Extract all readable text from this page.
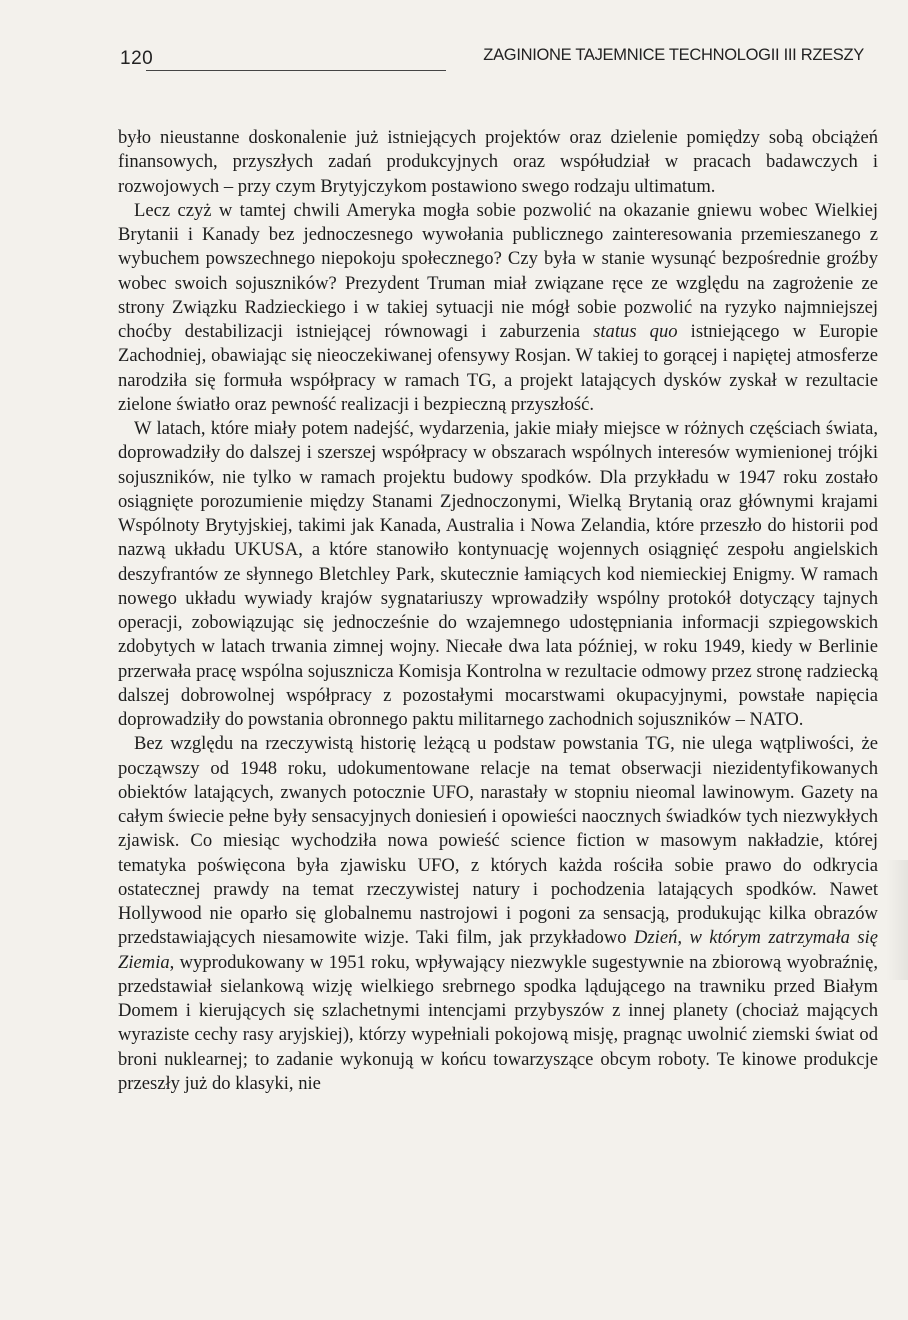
120	ZAGINIONE TAJEMNICE TECHNOLOGII III RZESZY

było nieustanne doskonalenie już istniejących projektów oraz dzielenie pomiędzy sobą obciążeń finansowych, przyszłych zadań produkcyjnych oraz współudział w pracach badawczych i rozwojowych – przy czym Brytyjczykom postawiono swego rodzaju ultimatum.

Lecz czyż w tamtej chwili Ameryka mogła sobie pozwolić na okazanie gniewu wobec Wielkiej Brytanii i Kanady bez jednoczesnego wywołania publicznego zainteresowania przemieszanego z wybuchem powszechnego niepokoju społecznego? Czy była w stanie wysunąć bezpośrednie groźby wobec swoich sojuszników? Prezydent Truman miał związane ręce ze względu na zagrożenie ze strony Związku Radzieckiego i w takiej sytuacji nie mógł sobie pozwolić na ryzyko najmniejszej choćby destabilizacji istniejącej równowagi i zaburzenia status quo istniejącego w Europie Zachodniej, obawiając się nieoczekiwanej ofensywy Rosjan. W takiej to gorącej i napiętej atmosferze narodziła się formuła współpracy w ramach TG, a projekt latających dysków zyskał w rezultacie zielone światło oraz pewność realizacji i bezpieczną przyszłość.

W latach, które miały potem nadejść, wydarzenia, jakie miały miejsce w różnych częściach świata, doprowadziły do dalszej i szerszej współpracy w obszarach wspólnych interesów wymienionej trójki sojuszników, nie tylko w ramach projektu budowy spodków. Dla przykładu w 1947 roku zostało osiągnięte porozumienie między Stanami Zjednoczonymi, Wielką Brytanią oraz głównymi krajami Wspólnoty Brytyjskiej, takimi jak Kanada, Australia i Nowa Zelandia, które przeszło do historii pod nazwą układu UKUSA, a które stanowiło kontynuację wojennych osiągnięć zespołu angielskich deszyfrantów ze słynnego Bletchley Park, skutecznie łamiących kod niemieckiej Enigmy. W ramach nowego układu wywiady krajów sygnatariuszy wprowadziły wspólny protokół dotyczący tajnych operacji, zobowiązując się jednocześnie do wzajemnego udostępniania informacji szpiegowskich zdobytych w latach trwania zimnej wojny. Niecałe dwa lata później, w roku 1949, kiedy w Berlinie przerwała pracę wspólna sojusznicza Komisja Kontrolna w rezultacie odmowy przez stronę radziecką dalszej dobrowolnej współpracy z pozostałymi mocarstwami okupacyjnymi, powstałe napięcia doprowadziły do powstania obronnego paktu militarnego zachodnich sojuszników – NATO.

Bez względu na rzeczywistą historię leżącą u podstaw powstania TG, nie ulega wątpliwości, że począwszy od 1948 roku, udokumentowane relacje na temat obserwacji niezidentyfikowanych obiektów latających, zwanych potocznie UFO, narastały w stopniu nieomal lawinowym. Gazety na całym świecie pełne były sensacyjnych doniesień i opowieści naocznych świadków tych niezwykłych zjawisk. Co miesiąc wychodziła nowa powieść science fiction w masowym nakładzie, której tematyka poświęcona była zjawisku UFO, z których każda rościła sobie prawo do odkrycia ostatecznej prawdy na temat rzeczywistej natury i pochodzenia latających spodków. Nawet Hollywood nie oparło się globalnemu nastrojowi i pogoni za sensacją, produkując kilka obrazów przedstawiających niesamowite wizje. Taki film, jak przykładowo Dzień, w którym zatrzymała się Ziemia, wyprodukowany w 1951 roku, wpływający niezwykle sugestywnie na zbiorową wyobraźnię, przedstawiał sielankową wizję wielkiego srebrnego spodka lądującego na trawniku przed Białym Domem i kierujących się szlachetnymi intencjami przybyszów z innej planety (chociaż mających wyraziste cechy rasy aryjskiej), którzy wypełniali pokojową misję, pragnąc uwolnić ziemski świat od broni nuklearnej; to zadanie wykonują w końcu towarzyszące obcym roboty. Te kinowe produkcje przeszły już do klasyki, nie
